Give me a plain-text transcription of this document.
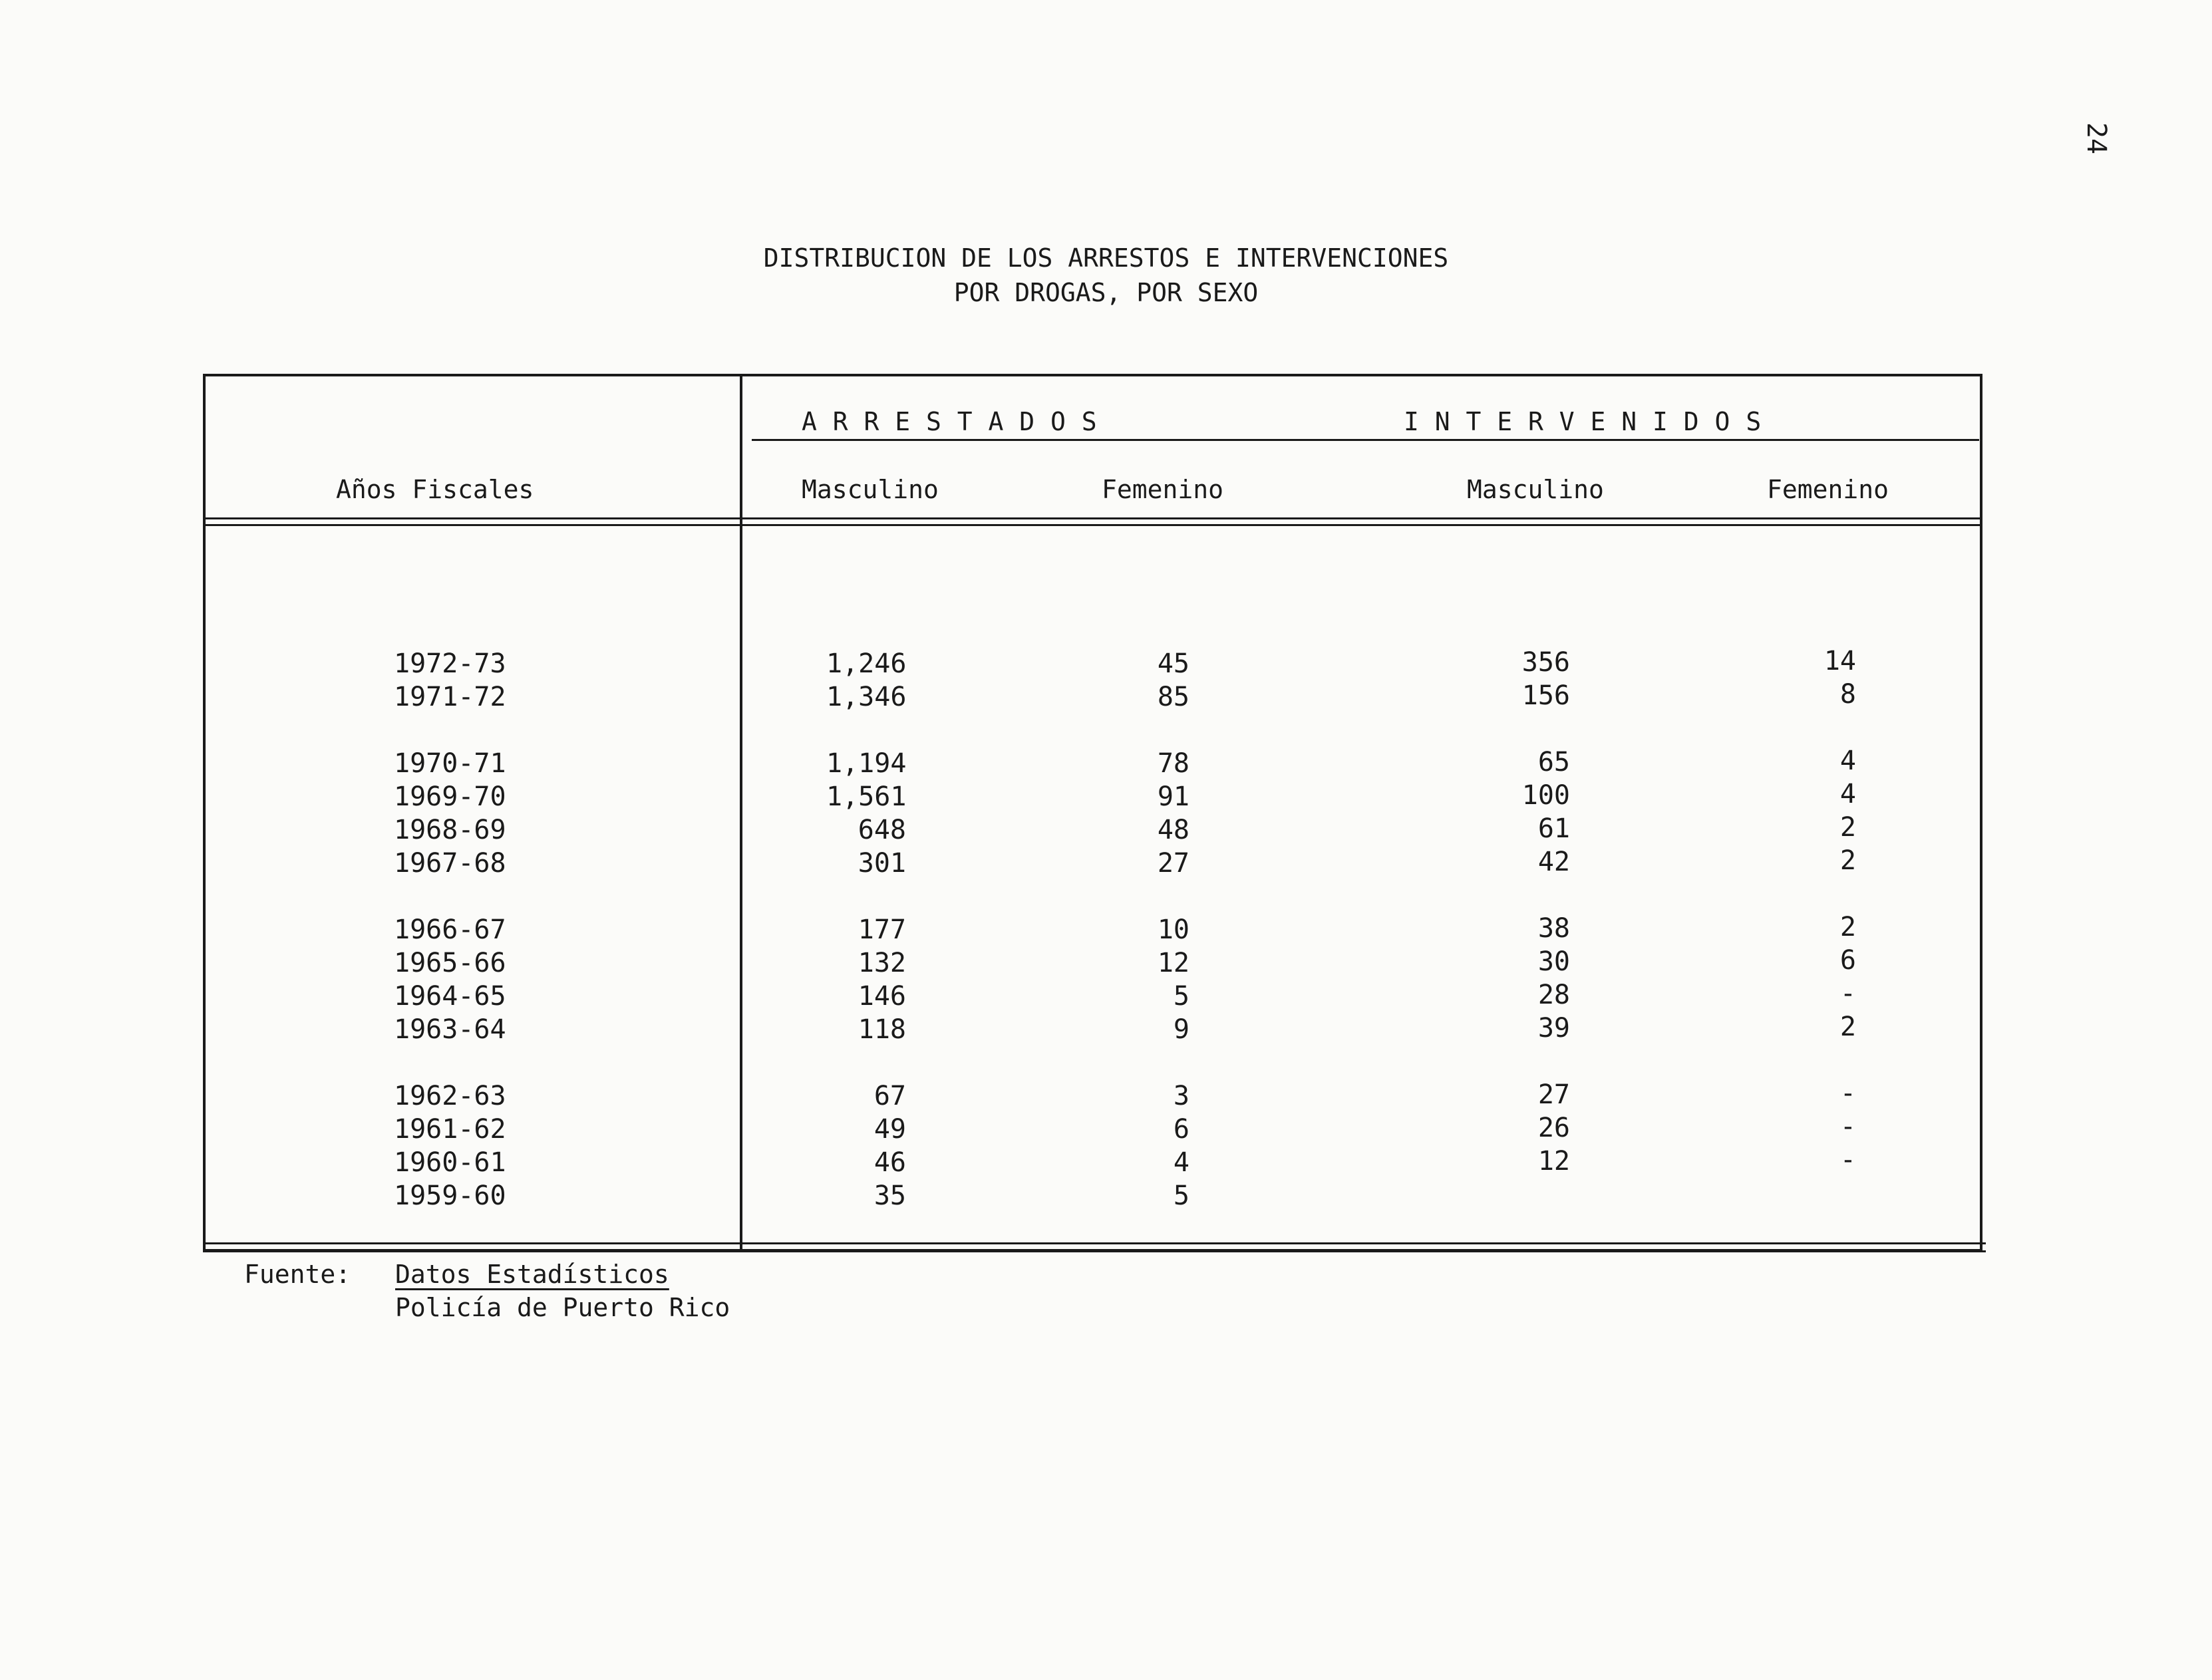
24
DISTRIBUCION DE LOS ARRESTOS E INTERVENCIONES
POR DROGAS, POR SEXO
A R R E S T A D O S	I N T E R V E N I D O S
Años Fiscales	Masculino	Femenino	Masculino	Femenino
1972-73	1,246	45	356	14
1971-72	1,346	85	156	8
1970-71	1,194	78	65	4
1969-70	1,561	91	100	4
1968-69	648	48	61	2
1967-68	301	27	42	2
1966-67	177	10	38	2
1965-66	132	12	30	6
1964-65	146	5	28	-
1963-64	118	9	39	2
1962-63	67	3	27	-
1961-62	49	6	26	-
1960-61	46	4	12	-
1959-60	35	5
Fuente: Datos Estadísticos
Policía de Puerto Rico
